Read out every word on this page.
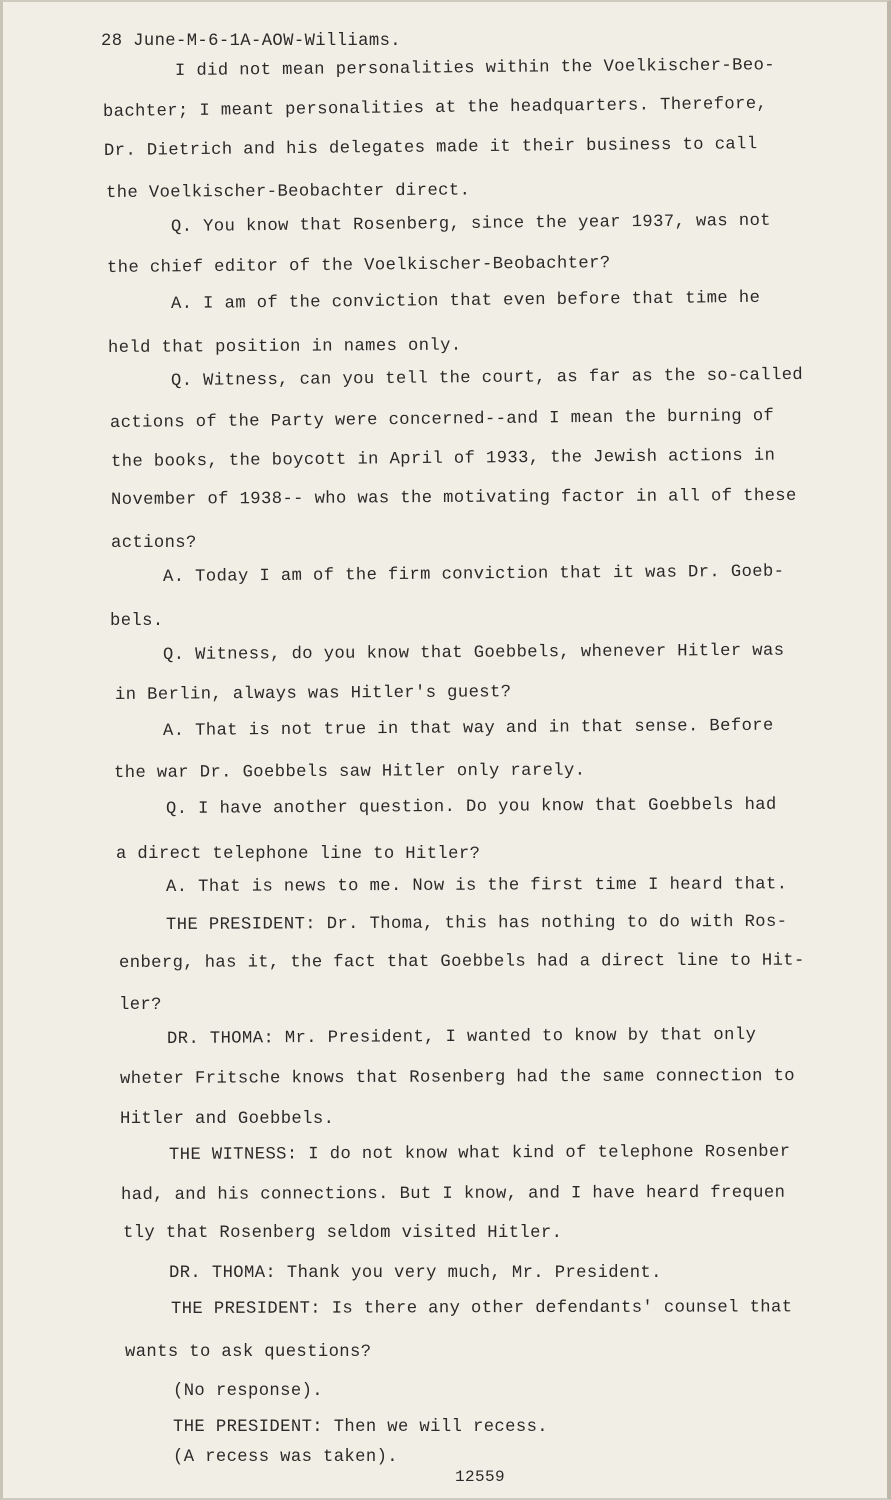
28 June-M-6-1A-AOW-Williams.
I did not mean personalities within the Voelkischer-Beo-
bachter; I meant personalities at the headquarters. Therefore,
Dr. Dietrich and his delegates made it their business to call
the Voelkischer-Beobachter direct.
Q. You know that Rosenberg, since the year 1937, was not
the chief editor of the Voelkischer-Beobachter?
A. I am of the conviction that even before that time he
held that position in names only.
Q. Witness, can you tell the court, as far as the so-called
actions of the Party were concerned--and I mean the burning of
the books, the boycott in April of 1933, the Jewish actions in
November of 1938-- who was the motivating factor in all of these
actions?
A. Today I am of the firm conviction that it was Dr. Goeb-
bels.
Q. Witness, do you know that Goebbels, whenever Hitler was
in Berlin, always was Hitler's guest?
A. That is not true in that way and in that sense. Before
the war Dr. Goebbels saw Hitler only rarely.
Q. I have another question. Do you know that Goebbels had
a direct telephone line to Hitler?
A. That is news to me. Now is the first time I heard that.
THE PRESIDENT: Dr. Thoma, this has nothing to do with Ros-
enberg, has it, the fact that Goebbels had a direct line to Hit-
ler?
DR. THOMA: Mr. President, I wanted to know by that only
wheter Fritsche knows that Rosenberg had the same connection to
Hitler and Goebbels.
THE WITNESS: I do not know what kind of telephone Rosenber
had, and his connections. But I know, and I have heard frequen
tly that Rosenberg seldom visited Hitler.
DR. THOMA: Thank you very much, Mr. President.
THE PRESIDENT: Is there any other defendants' counsel that
wants to ask questions?
(No response).
THE PRESIDENT: Then we will recess.
(A recess was taken).
12559
